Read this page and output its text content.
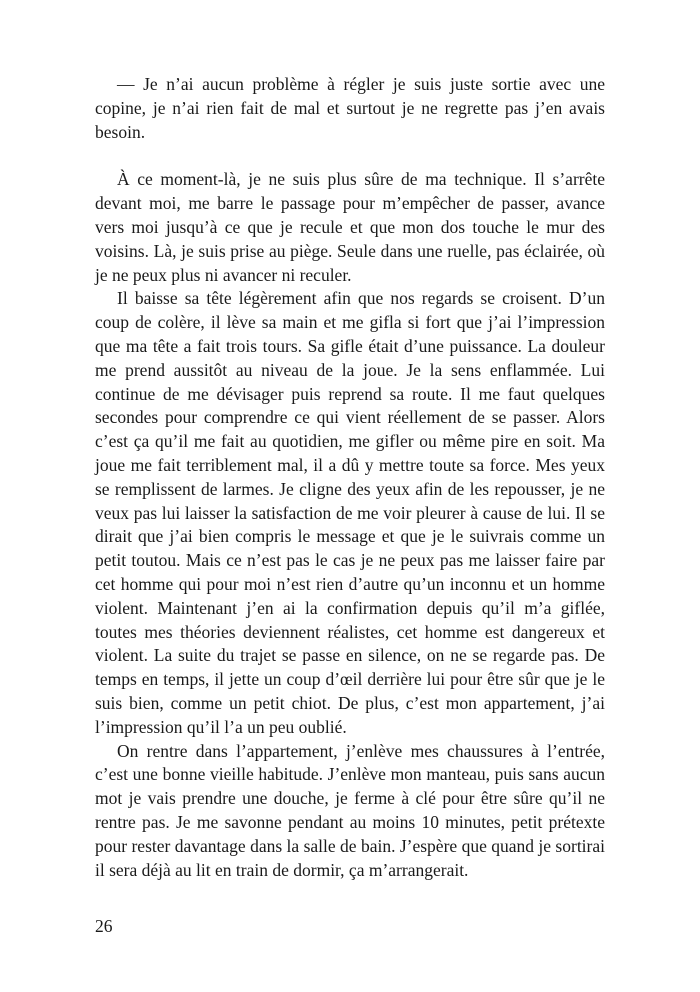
— Je n’ai aucun problème à régler je suis juste sortie avec une copine, je n’ai rien fait de mal et surtout je ne regrette pas j’en avais besoin.

À ce moment-là, je ne suis plus sûre de ma technique. Il s’arrête devant moi, me barre le passage pour m’empêcher de passer, avance vers moi jusqu’à ce que je recule et que mon dos touche le mur des voisins. Là, je suis prise au piège. Seule dans une ruelle, pas éclairée, où je ne peux plus ni avancer ni reculer.

Il baisse sa tête légèrement afin que nos regards se croisent. D’un coup de colère, il lève sa main et me gifla si fort que j’ai l’impression que ma tête a fait trois tours. Sa gifle était d’une puissance. La douleur me prend aussitôt au niveau de la joue. Je la sens enflammée. Lui continue de me dévisager puis reprend sa route. Il me faut quelques secondes pour comprendre ce qui vient réellement de se passer. Alors c’est ça qu’il me fait au quotidien, me gifler ou même pire en soit. Ma joue me fait terriblement mal, il a dû y mettre toute sa force. Mes yeux se remplissent de larmes. Je cligne des yeux afin de les repousser, je ne veux pas lui laisser la satisfaction de me voir pleurer à cause de lui. Il se dirait que j’ai bien compris le message et que je le suivrais comme un petit toutou. Mais ce n’est pas le cas je ne peux pas me laisser faire par cet homme qui pour moi n’est rien d’autre qu’un inconnu et un homme violent. Maintenant j’en ai la confirmation depuis qu’il m’a giflée, toutes mes théories deviennent réalistes, cet homme est dangereux et violent. La suite du trajet se passe en silence, on ne se regarde pas. De temps en temps, il jette un coup d’œil derrière lui pour être sûr que je le suis bien, comme un petit chiot. De plus, c’est mon appartement, j’ai l’impression qu’il l’a un peu oublié.

On rentre dans l’appartement, j’enlève mes chaussures à l’entrée, c’est une bonne vieille habitude. J’enlève mon manteau, puis sans aucun mot je vais prendre une douche, je ferme à clé pour être sûre qu’il ne rentre pas. Je me savonne pendant au moins 10 minutes, petit prétexte pour rester davantage dans la salle de bain. J’espère que quand je sortirai il sera déjà au lit en train de dormir, ça m’arrangerait.

26
